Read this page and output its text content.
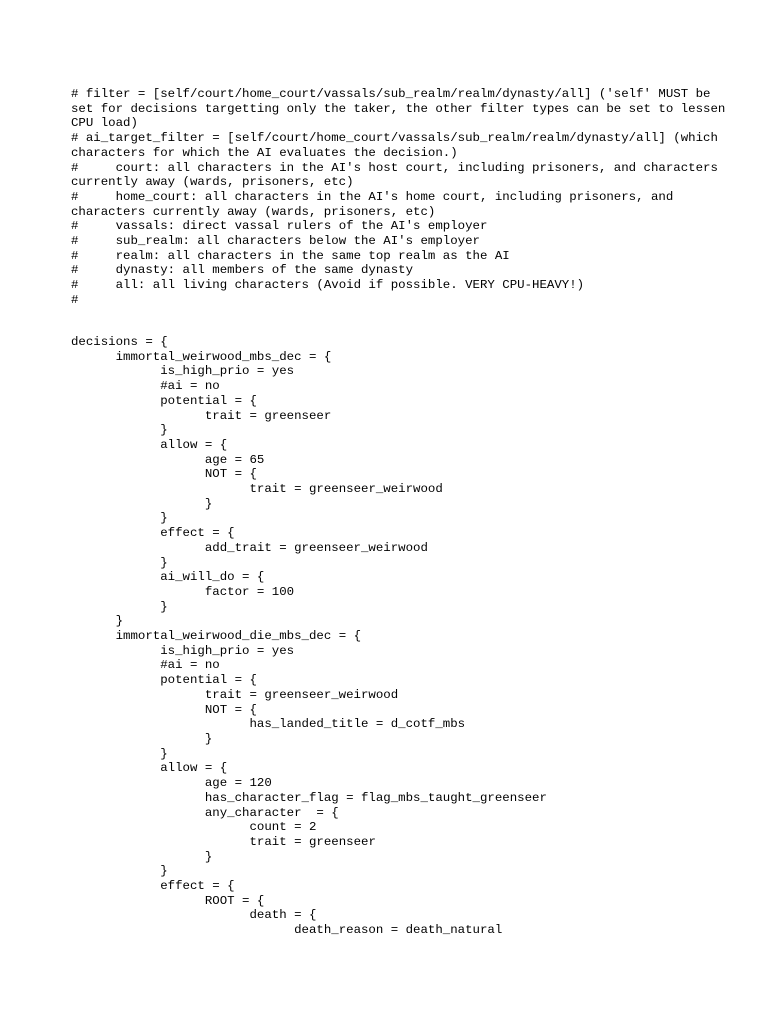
# filter = [self/court/home_court/vassals/sub_realm/realm/dynasty/all] ('self' MUST be set for decisions targetting only the taker, the other filter types can be set to lessen CPU load)
# ai_target_filter = [self/court/home_court/vassals/sub_realm/realm/dynasty/all] (which characters for which the AI evaluates the decision.)
#	court: all characters in the AI's host court, including prisoners, and characters currently away (wards, prisoners, etc)
#	home_court: all characters in the AI's home court, including prisoners, and characters currently away (wards, prisoners, etc)
#	vassals: direct vassal rulers of the AI's employer
#	sub_realm: all characters below the AI's employer
#	realm: all characters in the same top realm as the AI
#	dynasty: all members of the same dynasty
#	all: all living characters (Avoid if possible. VERY CPU-HEAVY!)
#
decisions = {
	immortal_weirwood_mbs_dec = {
		is_high_prio = yes
		#ai = no
		potential = {
			trait = greenseer
		}
		allow = {
			age = 65
			NOT = {
				trait = greenseer_weirwood
			}
		}
		effect = {
			add_trait = greenseer_weirwood
		}
		ai_will_do = {
			factor = 100
		}
	}
	immortal_weirwood_die_mbs_dec = {
		is_high_prio = yes
		#ai = no
		potential = {
			trait = greenseer_weirwood
			NOT = {
				has_landed_title = d_cotf_mbs
			}
		}
		allow = {
			age = 120
			has_character_flag = flag_mbs_taught_greenseer
			any_character  = {
				count = 2
				trait = greenseer
			}
		}
		effect = {
			ROOT = {
				death = {
					death_reason = death_natural
